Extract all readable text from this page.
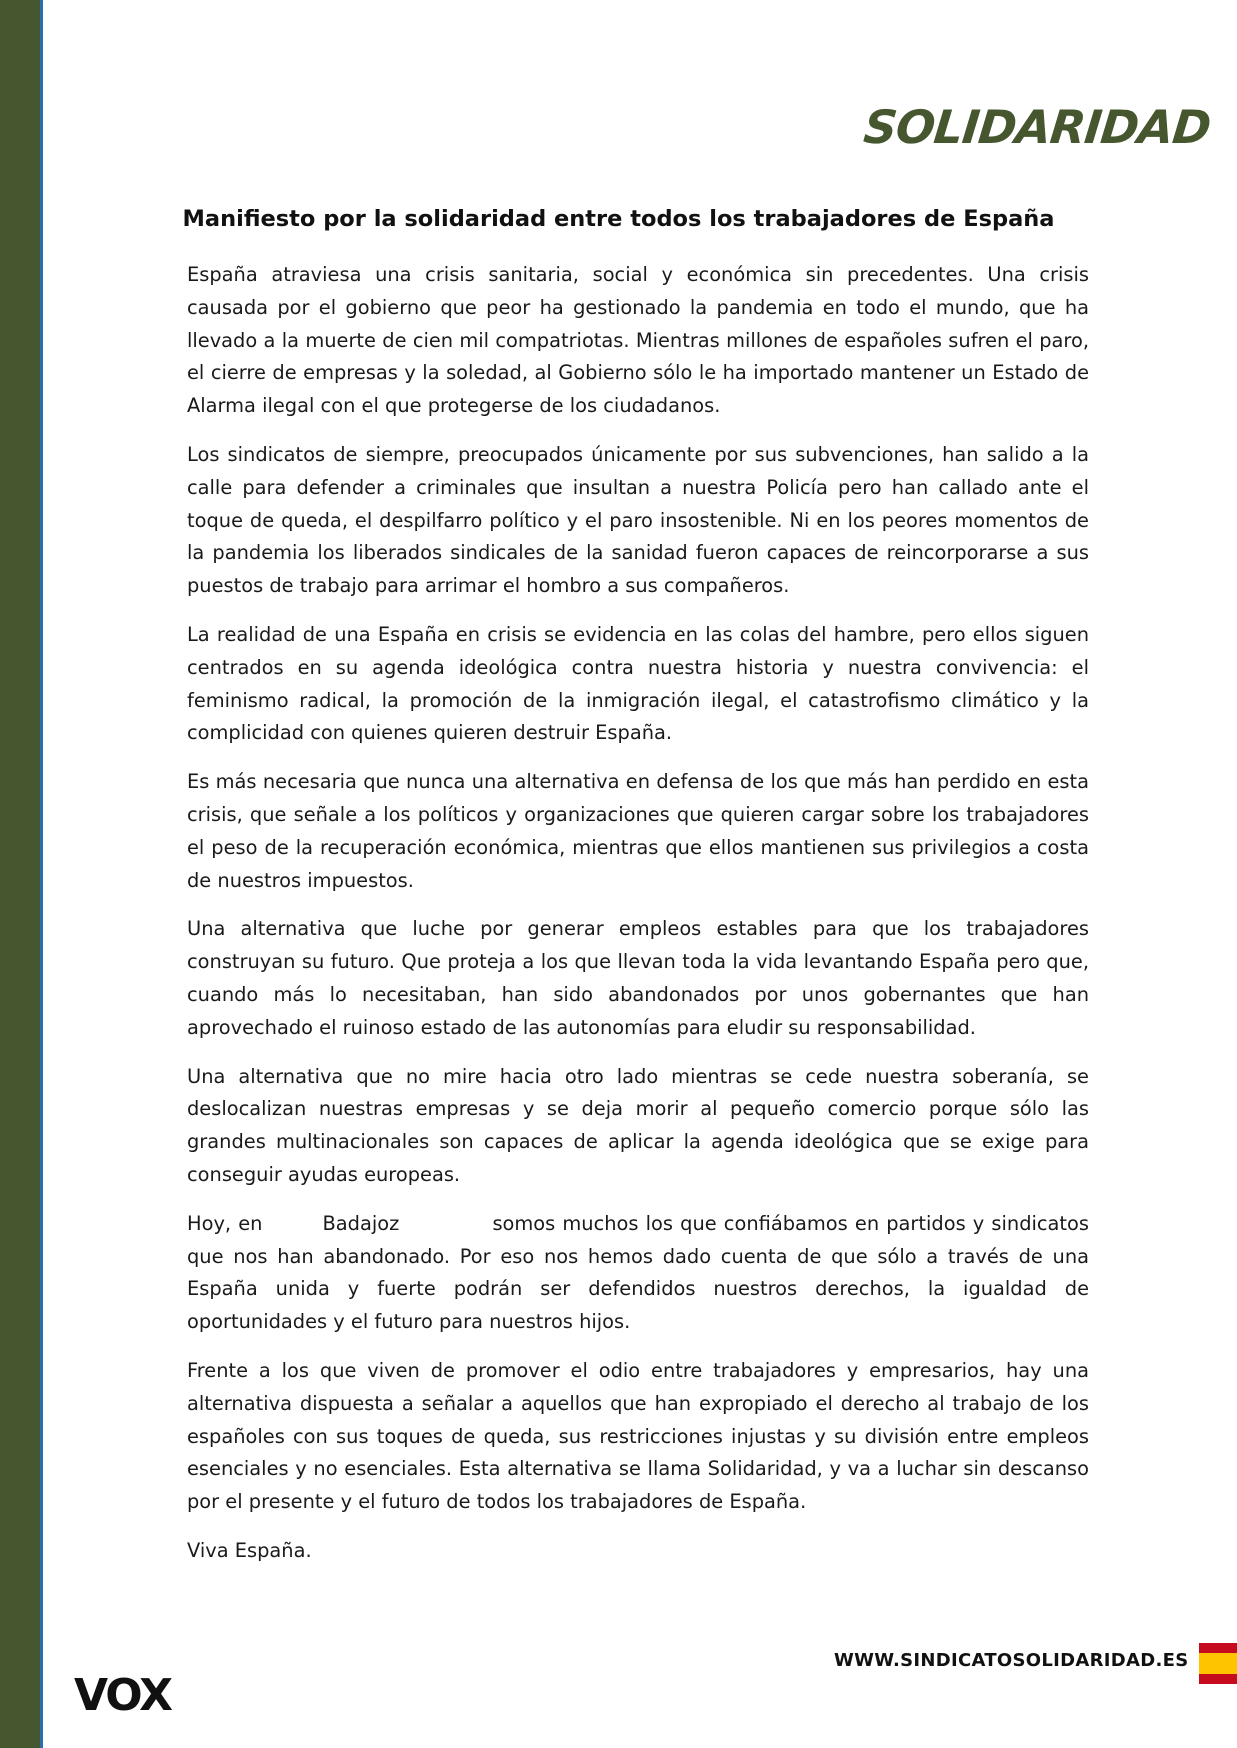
SOLIDARIDAD
Manifiesto por la solidaridad entre todos los trabajadores de España

España atraviesa una crisis sanitaria, social y económica sin precedentes. Una crisis causada por el gobierno que peor ha gestionado la pandemia en todo el mundo, que ha llevado a la muerte de cien mil compatriotas. Mientras millones de españoles sufren el paro, el cierre de empresas y la soledad, al Gobierno sólo le ha importado mantener un Estado de Alarma ilegal con el que protegerse de los ciudadanos.

Los sindicatos de siempre, preocupados únicamente por sus subvenciones, han salido a la calle para defender a criminales que insultan a nuestra Policía pero han callado ante el toque de queda, el despilfarro político y el paro insostenible. Ni en los peores momentos de la pandemia los liberados sindicales de la sanidad fueron capaces de reincorporarse a sus puestos de trabajo para arrimar el hombro a sus compañeros.

La realidad de una España en crisis se evidencia en las colas del hambre, pero ellos siguen centrados en su agenda ideológica contra nuestra historia y nuestra convivencia: el feminismo radical, la promoción de la inmigración ilegal, el catastrofismo climático y la complicidad con quienes quieren destruir España.

Es más necesaria que nunca una alternativa en defensa de los que más han perdido en esta crisis, que señale a los políticos y organizaciones que quieren cargar sobre los trabajadores el peso de la recuperación económica, mientras que ellos mantienen sus privilegios a costa de nuestros impuestos.

Una alternativa que luche por generar empleos estables para que los trabajadores construyan su futuro. Que proteja a los que llevan toda la vida levantando España pero que, cuando más lo necesitaban, han sido abandonados por unos gobernantes que han aprovechado el ruinoso estado de las autonomías para eludir su responsabilidad.

Una alternativa que no mire hacia otro lado mientras se cede nuestra soberanía, se deslocalizan nuestras empresas y se deja morir al pequeño comercio porque sólo las grandes multinacionales son capaces de aplicar la agenda ideológica que se exige para conseguir ayudas europeas.

Hoy, en	Badajoz	somos muchos los que confiábamos en partidos y sindicatos que nos han abandonado. Por eso nos hemos dado cuenta de que sólo a través de una España unida y fuerte podrán ser defendidos nuestros derechos, la igualdad de oportunidades y el futuro para nuestros hijos.

Frente a los que viven de promover el odio entre trabajadores y empresarios, hay una alternativa dispuesta a señalar a aquellos que han expropiado el derecho al trabajo de los españoles con sus toques de queda, sus restricciones injustas y su división entre empleos esenciales y no esenciales. Esta alternativa se llama Solidaridad, y va a luchar sin descanso por el presente y el futuro de todos los trabajadores de España.

Viva España.

WWW.SINDICATOSOLIDARIDAD.ES
VOX
